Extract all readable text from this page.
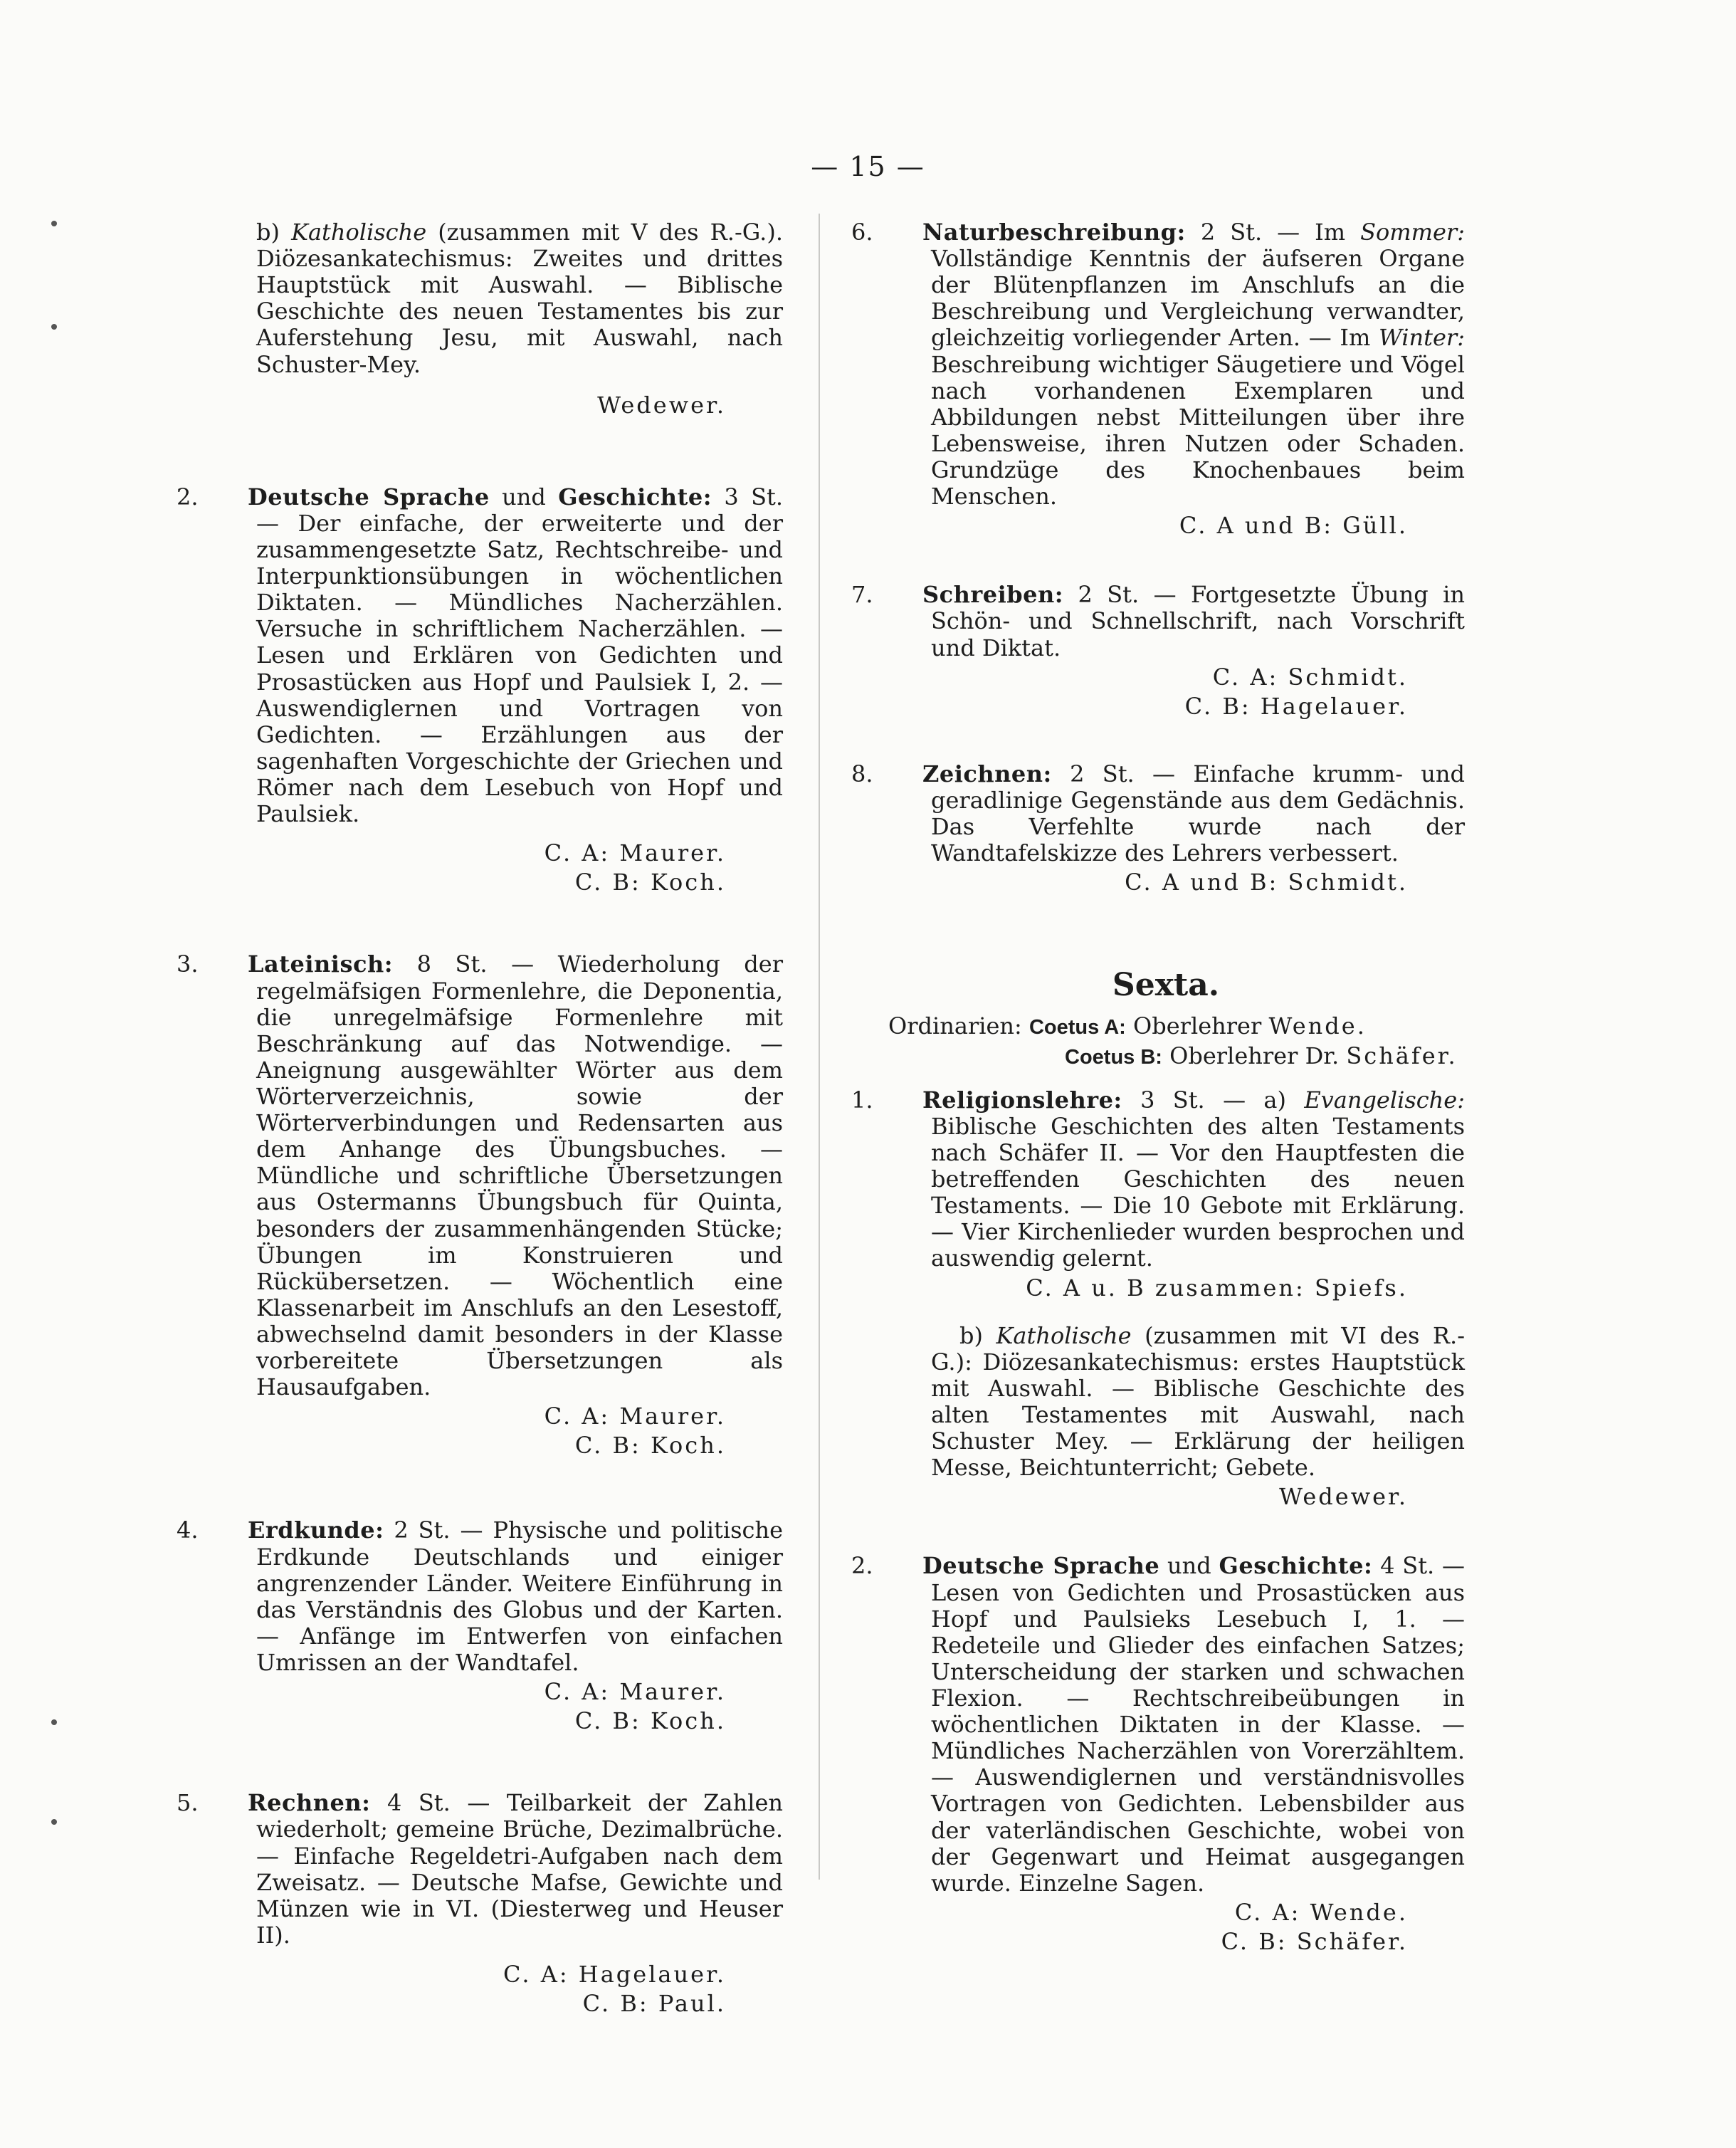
— 15 —

b) Katholische (zusammen mit V des R.-G.). Diözesankatechismus: Zweites und drittes Hauptstück mit Auswahl. — Biblische Geschichte des neuen Testamentes bis zur Auferstehung Jesu, mit Auswahl, nach Schuster-Mey.

Wedewer.

2. Deutsche Sprache und Geschichte: 3 St. — Der einfache, der erweiterte und der zusammengesetzte Satz, Rechtschreibe- und Interpunktionsübungen in wöchentlichen Diktaten. — Mündliches Nacherzählen. Versuche in schriftlichem Nacherzählen. — Lesen und Erklären von Gedichten und Prosastücken aus Hopf und Paulsiek I, 2. — Auswendiglernen und Vortragen von Gedichten. — Erzählungen aus der sagenhaften Vorgeschichte der Griechen und Römer nach dem Lesebuch von Hopf und Paulsiek.

C. A: Maurer.
C. B: Koch.

3. Lateinisch: 8 St. — Wiederholung der regelmäfsigen Formenlehre, die Deponentia, die unregelmäfsige Formenlehre mit Beschränkung auf das Notwendige. — Aneignung ausgewählter Wörter aus dem Wörterverzeichnis, sowie der Wörterverbindungen und Redensarten aus dem Anhange des Übungsbuches. — Mündliche und schriftliche Übersetzungen aus Ostermanns Übungsbuch für Quinta, besonders der zusammenhängenden Stücke; Übungen im Konstruieren und Rückübersetzen. — Wöchentlich eine Klassenarbeit im Anschlufs an den Lesestoff, abwechselnd damit besonders in der Klasse vorbereitete Übersetzungen als Hausaufgaben.

C. A: Maurer.
C. B: Koch.

4. Erdkunde: 2 St. — Physische und politische Erdkunde Deutschlands und einiger angrenzender Länder. Weitere Einführung in das Verständnis des Globus und der Karten. — Anfänge im Entwerfen von einfachen Umrissen an der Wandtafel.

C. A: Maurer.
C. B: Koch.

5. Rechnen: 4 St. — Teilbarkeit der Zahlen wiederholt; gemeine Brüche, Dezimalbrüche. — Einfache Regeldetri-Aufgaben nach dem Zweisatz. — Deutsche Mafse, Gewichte und Münzen wie in VI. (Diesterweg und Heuser II).

C. A: Hagelauer.
C. B: Paul.

6. Naturbeschreibung: 2 St. — Im Sommer: Vollständige Kenntnis der äufseren Organe der Blütenpflanzen im Anschlufs an die Beschreibung und Vergleichung verwandter, gleichzeitig vorliegender Arten. — Im Winter: Beschreibung wichtiger Säugetiere und Vögel nach vorhandenen Exemplaren und Abbildungen nebst Mitteilungen über ihre Lebensweise, ihren Nutzen oder Schaden. Grundzüge des Knochenbaues beim Menschen.

C. A und B: Güll.

7. Schreiben: 2 St. — Fortgesetzte Übung in Schön- und Schnellschrift, nach Vorschrift und Diktat.

C. A: Schmidt.
C. B: Hagelauer.

8. Zeichnen: 2 St. — Einfache krumm- und geradlinige Gegenstände aus dem Gedächnis. Das Verfehlte wurde nach der Wandtafelskizze des Lehrers verbessert.

C. A und B: Schmidt.
Sexta.
Ordinarien: Coetus A: Oberlehrer Wende.
Coetus B: Oberlehrer Dr. Schäfer.

1. Religionslehre: 3 St. — a) Evangelische: Biblische Geschichten des alten Testaments nach Schäfer II. — Vor den Hauptfesten die betreffenden Geschichten des neuen Testaments. — Die 10 Gebote mit Erklärung. — Vier Kirchenlieder wurden besprochen und auswendig gelernt.

C. A u. B zusammen: Spiefs.

b) Katholische (zusammen mit VI des R.-G.): Diözesankatechismus: erstes Hauptstück mit Auswahl. — Biblische Geschichte des alten Testamentes mit Auswahl, nach Schuster Mey. — Erklärung der heiligen Messe, Beichtunterricht; Gebete.

Wedewer.

2. Deutsche Sprache und Geschichte: 4 St. — Lesen von Gedichten und Prosastücken aus Hopf und Paulsieks Lesebuch I, 1. — Redeteile und Glieder des einfachen Satzes; Unterscheidung der starken und schwachen Flexion. — Rechtschreibeübungen in wöchentlichen Diktaten in der Klasse. — Mündliches Nacherzählen von Vorerzähltem. — Auswendiglernen und verständnisvolles Vortragen von Gedichten. Lebensbilder aus der vaterländischen Geschichte, wobei von der Gegenwart und Heimat ausgegangen wurde. Einzelne Sagen.

C. A: Wende.
C. B: Schäfer.
